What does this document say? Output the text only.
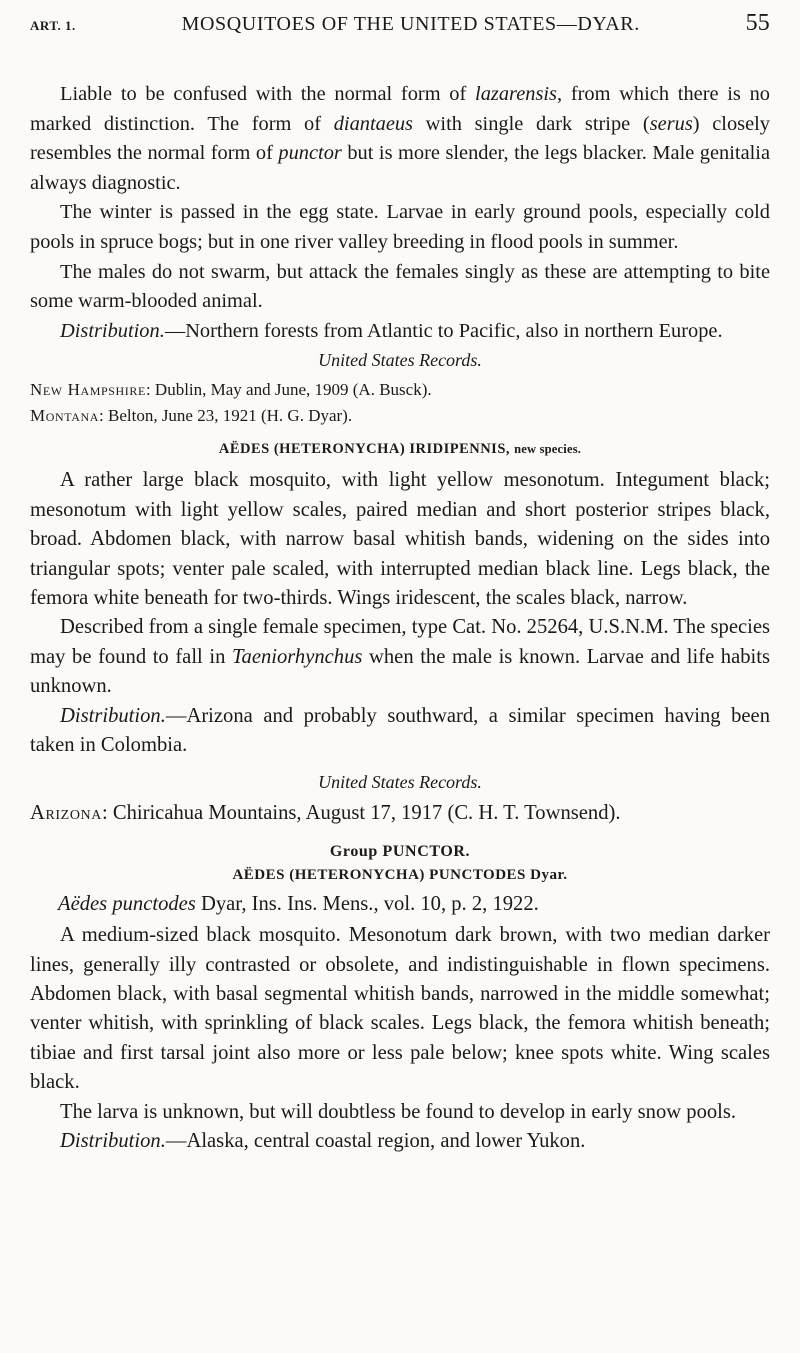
ART. 1.	MOSQUITOES OF THE UNITED STATES—DYAR.	55

Liable to be confused with the normal form of lazarensis, from which there is no marked distinction. The form of diantaeus with single dark stripe (serus) closely resembles the normal form of punctor but is more slender, the legs blacker. Male genitalia always diagnostic.

The winter is passed in the egg state. Larvae in early ground pools, especially cold pools in spruce bogs; but in one river valley breeding in flood pools in summer.

The males do not swarm, but attack the females singly as these are attempting to bite some warm-blooded animal.

Distribution.—Northern forests from Atlantic to Pacific, also in northern Europe.

United States Records.

New Hampshire: Dublin, May and June, 1909 (A. Busck).

Montana: Belton, June 23, 1921 (H. G. Dyar).

AËDES (HETERONYCHA) IRIDIPENNIS, new species.

A rather large black mosquito, with light yellow mesonotum. Integument black; mesonotum with light yellow scales, paired median and short posterior stripes black, broad. Abdomen black, with narrow basal whitish bands, widening on the sides into triangular spots; venter pale scaled, with interrupted median black line. Legs black, the femora white beneath for two-thirds. Wings iridescent, the scales black, narrow.

Described from a single female specimen, type Cat. No. 25264, U.S.N.M. The species may be found to fall in Taeniorhynchus when the male is known. Larvae and life habits unknown.

Distribution.—Arizona and probably southward, a similar specimen having been taken in Colombia.

United States Records.

Arizona: Chiricahua Mountains, August 17, 1917 (C. H. T. Townsend).

Group PUNCTOR.
AËDES (HETERONYCHA) PUNCTODES Dyar.

Aëdes punctodes Dyar, Ins. Ins. Mens., vol. 10, p. 2, 1922.

A medium-sized black mosquito. Mesonotum dark brown, with two median darker lines, generally illy contrasted or obsolete, and indistinguishable in flown specimens. Abdomen black, with basal segmental whitish bands, narrowed in the middle somewhat; venter whitish, with sprinkling of black scales. Legs black, the femora whitish beneath; tibiae and first tarsal joint also more or less pale below; knee spots white. Wing scales black.

The larva is unknown, but will doubtless be found to develop in early snow pools.

Distribution.—Alaska, central coastal region, and lower Yukon.
